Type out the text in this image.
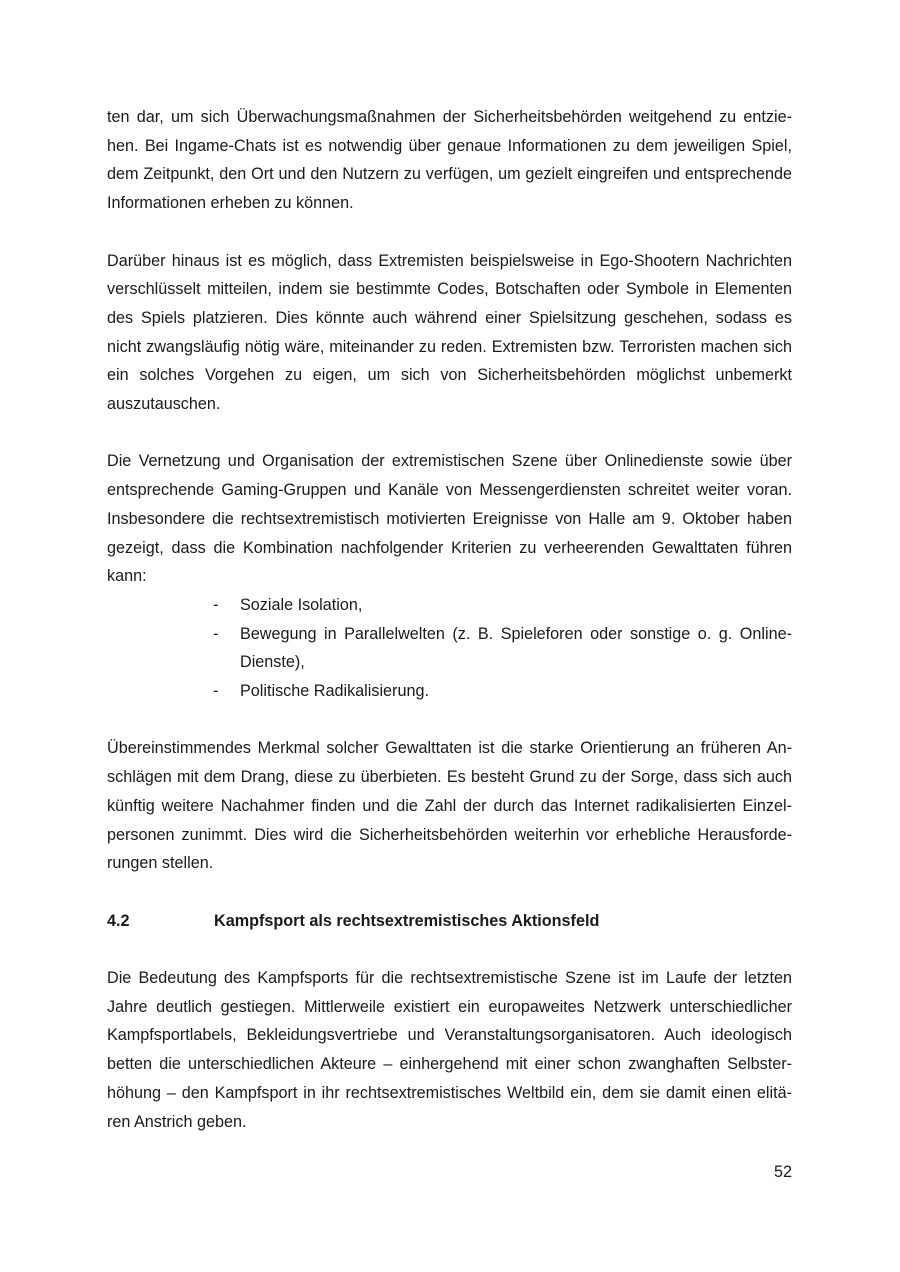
ten dar, um sich Überwachungsmaßnahmen der Sicherheitsbehörden weitgehend zu entzie-hen. Bei Ingame-Chats ist es notwendig über genaue Informationen zu dem jeweiligen Spiel, dem Zeitpunkt, den Ort und den Nutzern zu verfügen, um gezielt eingreifen und entsprechende Informationen erheben zu können.

Darüber hinaus ist es möglich, dass Extremisten beispielsweise in Ego-Shootern Nachrichten verschlüsselt mitteilen, indem sie bestimmte Codes, Botschaften oder Symbole in Elementen des Spiels platzieren. Dies könnte auch während einer Spielsitzung geschehen, sodass es nicht zwangsläufig nötig wäre, miteinander zu reden. Extremisten bzw. Terroristen machen sich ein solches Vorgehen zu eigen, um sich von Sicherheitsbehörden möglichst unbemerkt auszutauschen.

Die Vernetzung und Organisation der extremistischen Szene über Onlinedienste sowie über entsprechende Gaming-Gruppen und Kanäle von Messengerdiensten schreitet weiter voran. Insbesondere die rechtsextremistisch motivierten Ereignisse von Halle am 9. Oktober haben gezeigt, dass die Kombination nachfolgender Kriterien zu verheerenden Gewalttaten führen kann:

- Soziale Isolation,
- Bewegung in Parallelwelten (z. B. Spieleforen oder sonstige o. g. Online-Dienste),
- Politische Radikalisierung.

Übereinstimmendes Merkmal solcher Gewalttaten ist die starke Orientierung an früheren An-schlägen mit dem Drang, diese zu überbieten. Es besteht Grund zu der Sorge, dass sich auch künftig weitere Nachahmer finden und die Zahl der durch das Internet radikalisierten Einzel-personen zunimmt. Dies wird die Sicherheitsbehörden weiterhin vor erhebliche Herausforde-rungen stellen.

4.2	Kampfsport als rechtsextremistisches Aktionsfeld

Die Bedeutung des Kampfsports für die rechtsextremistische Szene ist im Laufe der letzten Jahre deutlich gestiegen. Mittlerweile existiert ein europaweites Netzwerk unterschiedlicher Kampfsportlabels, Bekleidungsvertriebe und Veranstaltungsorganisatoren. Auch ideologisch betten die unterschiedlichen Akteure – einhergehend mit einer schon zwanghaften Selbster-höhung – den Kampfsport in ihr rechtsextremistisches Weltbild ein, dem sie damit einen elitä-ren Anstrich geben.

52
